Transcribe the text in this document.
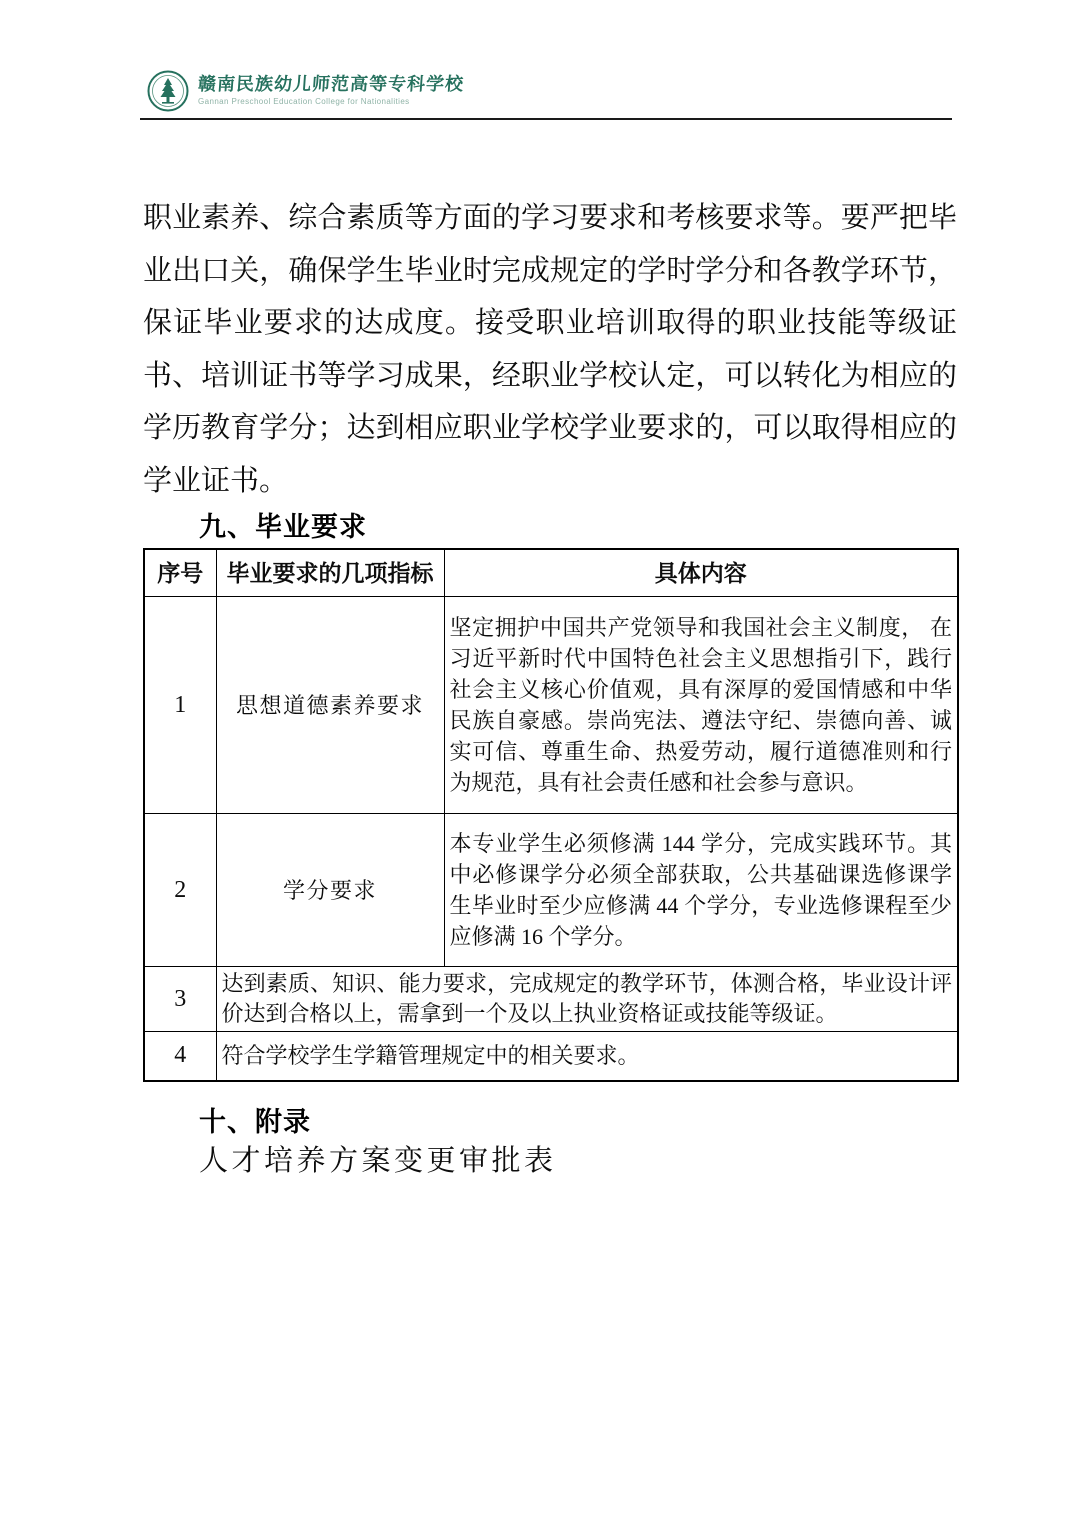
赣南民族幼儿师范高等专科学校
Gannan Preschool Education College for Nationalities

职业素养、综合素质等方面的学习要求和考核要求等。要严把毕业出口关，确保学生毕业时完成规定的学时学分和各教学环节，保证毕业要求的达成度。接受职业培训取得的职业技能等级证书、培训证书等学习成果，经职业学校认定，可以转化为相应的学历教育学分；达到相应职业学校学业要求的，可以取得相应的学业证书。

九、毕业要求
序号	毕业要求的几项指标	具体内容
1	思想道德素养要求	坚定拥护中国共产党领导和我国社会主义制度， 在习近平新时代中国特色社会主义思想指引下，践行社会主义核心价值观，具有深厚的爱国情感和中华民族自豪感。崇尚宪法、遵法守纪、崇德向善、诚实可信、尊重生命、热爱劳动，履行道德准则和行为规范，具有社会责任感和社会参与意识。
2	学分要求	本专业学生必须修满 144 学分，完成实践环节。其中必修课学分必须全部获取，公共基础课选修课学生毕业时至少应修满 44 个学分，专业选修课程至少应修满 16 个学分。
3	达到素质、知识、能力要求，完成规定的教学环节，体测合格，毕业设计评价达到合格以上，需拿到一个及以上执业资格证或技能等级证。	
4	符合学校学生学籍管理规定中的相关要求。	
十、附录

人才培养方案变更审批表
